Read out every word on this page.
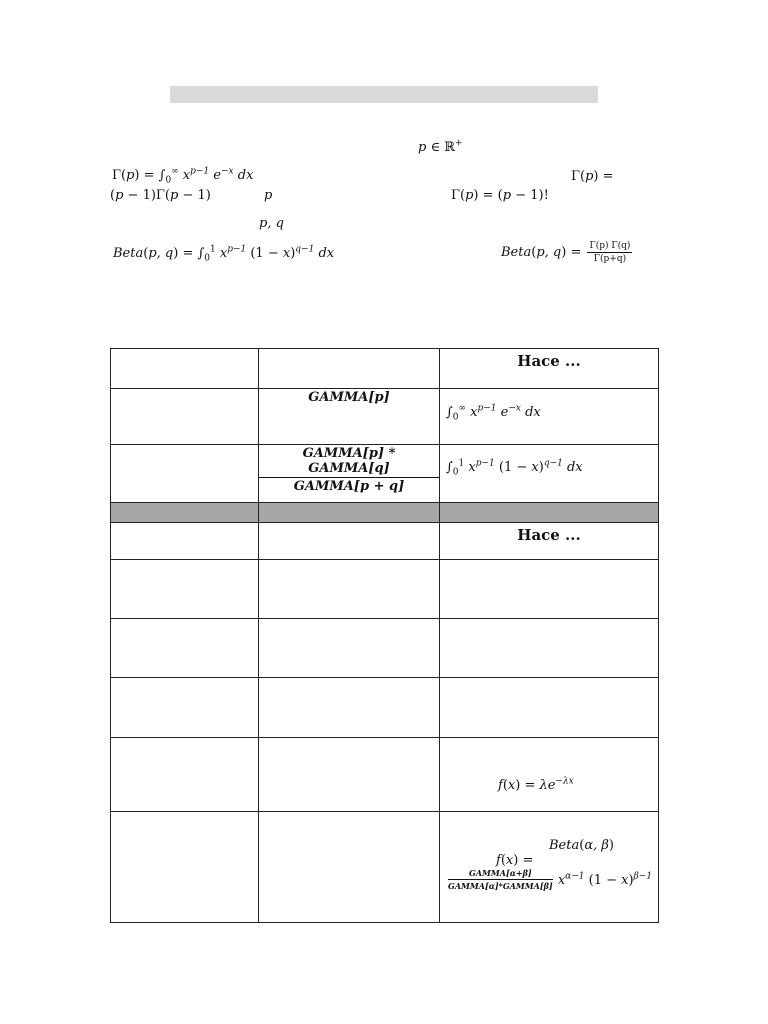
p ∈ ℝ+
$\Gamma(p) = \int_0^\infty$ $x^{p-1}$ $e^{-x}$ dx	Γ(p) =
(p − 1)Γ(p − 1)	p	Γ(p) = (p − 1)!
p, q
Beta(p, $q) = \int_0^1$ $x^{p-1}$ $(1 - x)^{q-1}$ dx	Beta(p, $q) = \frac{\Gamma(p) \Gamma(q)}{\Gamma(p+q)}$

		Hace ...

	GAMMA[p]	$\int_0^\infty$ $x^{p-1}$ $e^{-x}$ dx

	$\frac{\text{GAMMA[p] * GAMMA[q]}}{\text{GAMMA[p + q]}}$	$\int_0^1$ $x^{p-1}$ $(1 - x)^{q-1}$ dx

		Hace ...

		$f(x) = \lambda e^{-\lambda x}$

		Beta(α, β)
f(x) =
$\frac{\text{GAMMA[α+β]}}{\text{GAMMA[α]*GAMMA[β]}} x^{\alpha-1}$ $(1 - x)^{\beta-1}$
